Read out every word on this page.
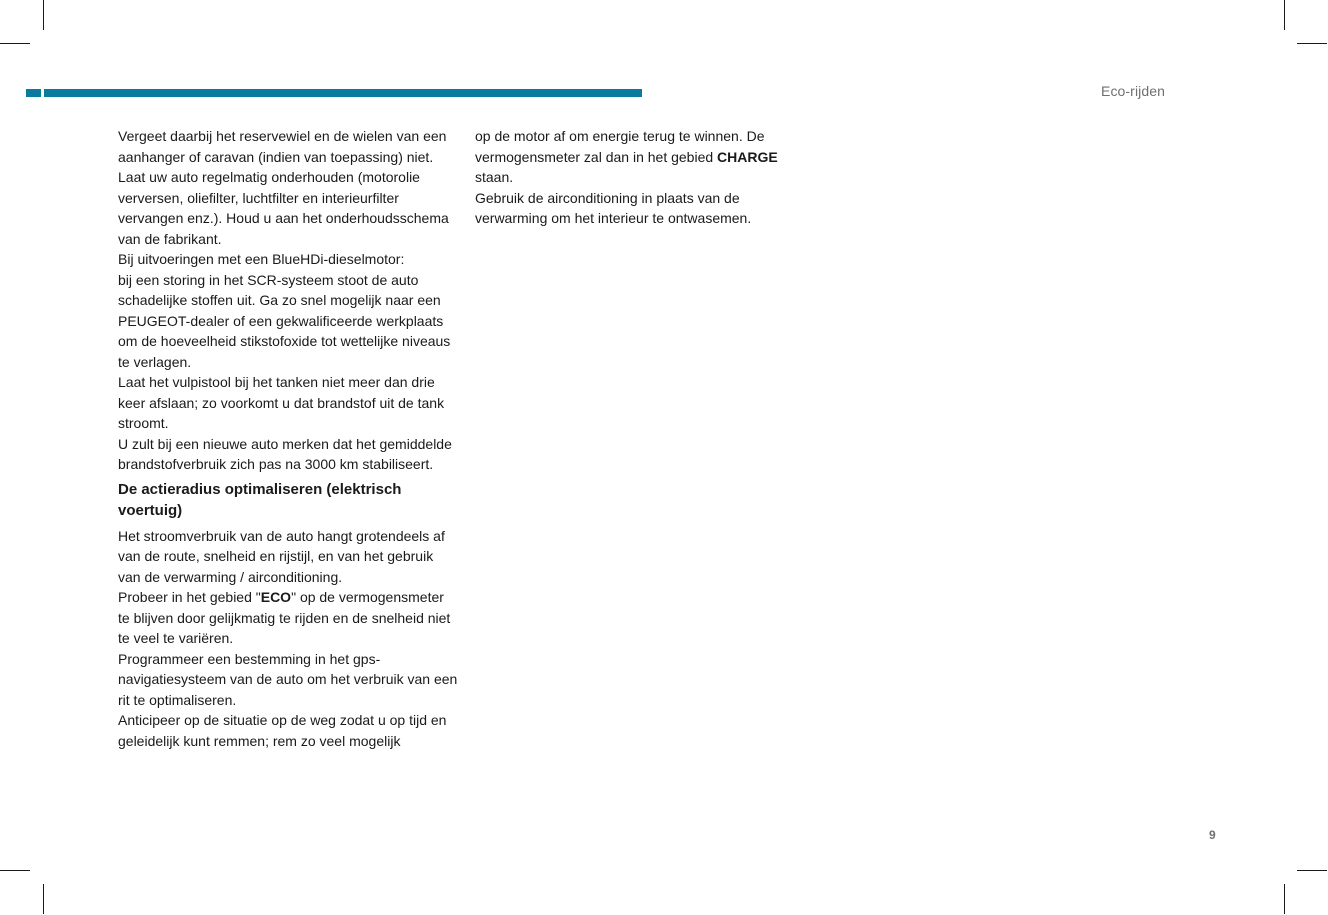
Eco-rijden

Vergeet daarbij het reservewiel en de wielen van een aanhanger of caravan (indien van toepassing) niet.

Laat uw auto regelmatig onderhouden (motorolie verversen, oliefilter, luchtfilter en interieurfilter vervangen enz.). Houd u aan het onderhoudsschema van de fabrikant.

Bij uitvoeringen met een BlueHDi-dieselmotor:

bij een storing in het SCR-systeem stoot de auto schadelijke stoffen uit. Ga zo snel mogelijk naar een PEUGEOT-dealer of een gekwalificeerde werkplaats om de hoeveelheid stikstofoxide tot wettelijke niveaus te verlagen.

Laat het vulpistool bij het tanken niet meer dan drie keer afslaan; zo voorkomt u dat brandstof uit de tank stroomt.

U zult bij een nieuwe auto merken dat het gemiddelde brandstofverbruik zich pas na 3000 km stabiliseert.

De actieradius optimaliseren (elektrisch voertuig)

Het stroomverbruik van de auto hangt grotendeels af van de route, snelheid en rijstijl, en van het gebruik van de verwarming / airconditioning.

Probeer in het gebied "ECO" op de vermogensmeter te blijven door gelijkmatig te rijden en de snelheid niet te veel te variëren.

Programmeer een bestemming in het gps-navigatiesysteem van de auto om het verbruik van een rit te optimaliseren.

Anticipeer op de situatie op de weg zodat u op tijd en geleidelijk kunt remmen; rem zo veel mogelijk

op de motor af om energie terug te winnen. De vermogensmeter zal dan in het gebied CHARGE staan.

Gebruik de airconditioning in plaats van de verwarming om het interieur te ontwasemen.

9
